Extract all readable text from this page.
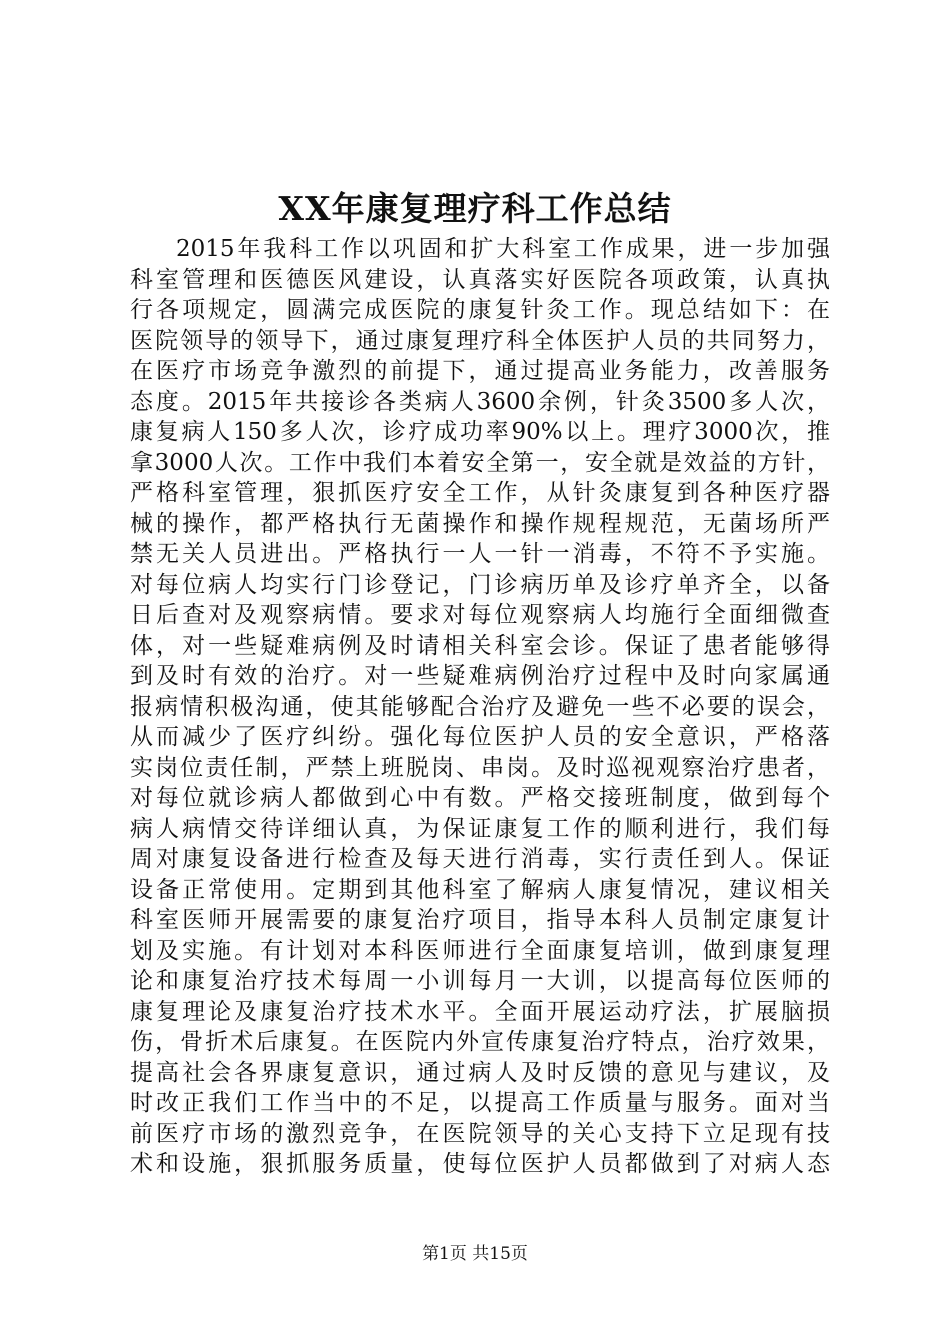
XX年康复理疗科工作总结
2015年我科工作以巩固和扩大科室工作成果，进一步加强
科室管理和医德医风建设，认真落实好医院各项政策，认真执
行各项规定，圆满完成医院的康复针灸工作。现总结如下：在
医院领导的领导下，通过康复理疗科全体医护人员的共同努力，
在医疗市场竞争激烈的前提下，通过提高业务能力，改善服务
态度。2015年共接诊各类病人3600余例，针灸3500多人次，
康复病人150多人次，诊疗成功率90%以上。理疗3000次，推
拿3000人次。工作中我们本着安全第一，安全就是效益的方针，
严格科室管理，狠抓医疗安全工作，从针灸康复到各种医疗器
械的操作，都严格执行无菌操作和操作规程规范，无菌场所严
禁无关人员进出。严格执行一人一针一消毒，不符不予实施。
对每位病人均实行门诊登记，门诊病历单及诊疗单齐全，以备
日后查对及观察病情。要求对每位观察病人均施行全面细微查
体，对一些疑难病例及时请相关科室会诊。保证了患者能够得
到及时有效的治疗。对一些疑难病例治疗过程中及时向家属通
报病情积极沟通，使其能够配合治疗及避免一些不必要的误会，
从而减少了医疗纠纷。强化每位医护人员的安全意识，严格落
实岗位责任制，严禁上班脱岗、串岗。及时巡视观察治疗患者，
对每位就诊病人都做到心中有数。严格交接班制度，做到每个
病人病情交待详细认真，为保证康复工作的顺利进行，我们每
周对康复设备进行检查及每天进行消毒，实行责任到人。保证
设备正常使用。定期到其他科室了解病人康复情况，建议相关
科室医师开展需要的康复治疗项目，指导本科人员制定康复计
划及实施。有计划对本科医师进行全面康复培训，做到康复理
论和康复治疗技术每周一小训每月一大训，以提高每位医师的
康复理论及康复治疗技术水平。全面开展运动疗法，扩展脑损
伤，骨折术后康复。在医院内外宣传康复治疗特点，治疗效果，
提高社会各界康复意识，通过病人及时反馈的意见与建议，及
时改正我们工作当中的不足，以提高工作质量与服务。面对当
前医疗市场的激烈竞争，在医院领导的关心支持下立足现有技
术和设施，狠抓服务质量，使每位医护人员都做到了对病人态
第1页 共15页
